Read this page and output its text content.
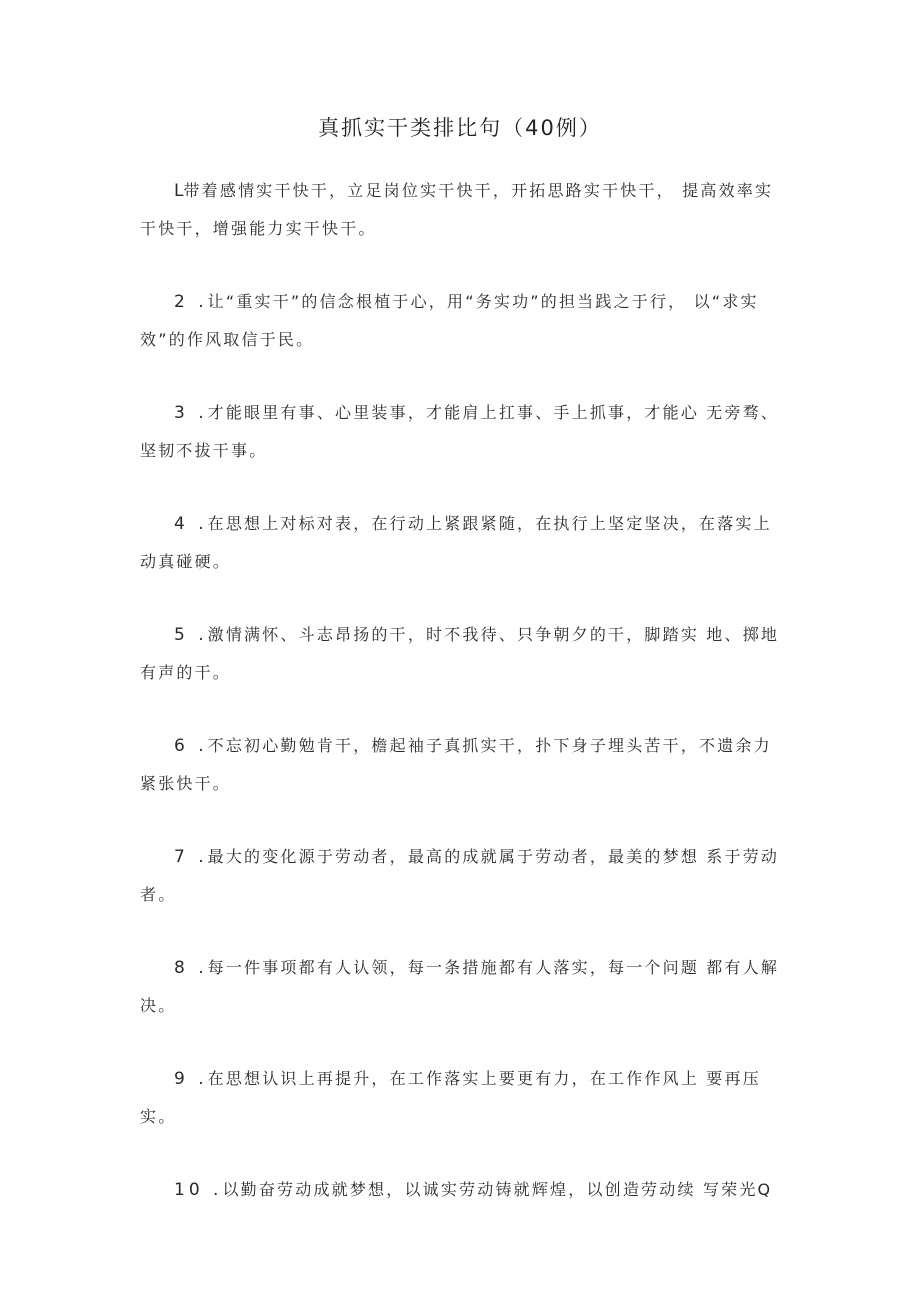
真抓实干类排比句（40例）

L带着感情实干快干，立足岗位实干快干，开拓思路实干快干， 提高效率实干快干，增强能力实干快干。

2 .让“重实干”的信念根植于心，用“务实功”的担当践之于行， 以“求实效”的作风取信于民。

3 .才能眼里有事、心里装事，才能肩上扛事、手上抓事，才能心 无旁骛、坚韧不拔干事。

4 .在思想上对标对表，在行动上紧跟紧随，在执行上坚定坚决，在落实上动真碰硬。

5 .激情满怀、斗志昂扬的干，时不我待、只争朝夕的干，脚踏实 地、掷地有声的干。

6 .不忘初心勤勉肯干，檐起袖子真抓实干，扑下身子埋头苦干，不遗余力紧张快干。

7 .最大的变化源于劳动者，最高的成就属于劳动者，最美的梦想 系于劳动者。

8 .每一件事项都有人认领，每一条措施都有人落实，每一个问题 都有人解决。

9 .在思想认识上再提升，在工作落实上要更有力，在工作作风上 要再压实。

10 .以勤奋劳动成就梦想，以诚实劳动铸就辉煌，以创造劳动续 写荣光Q
